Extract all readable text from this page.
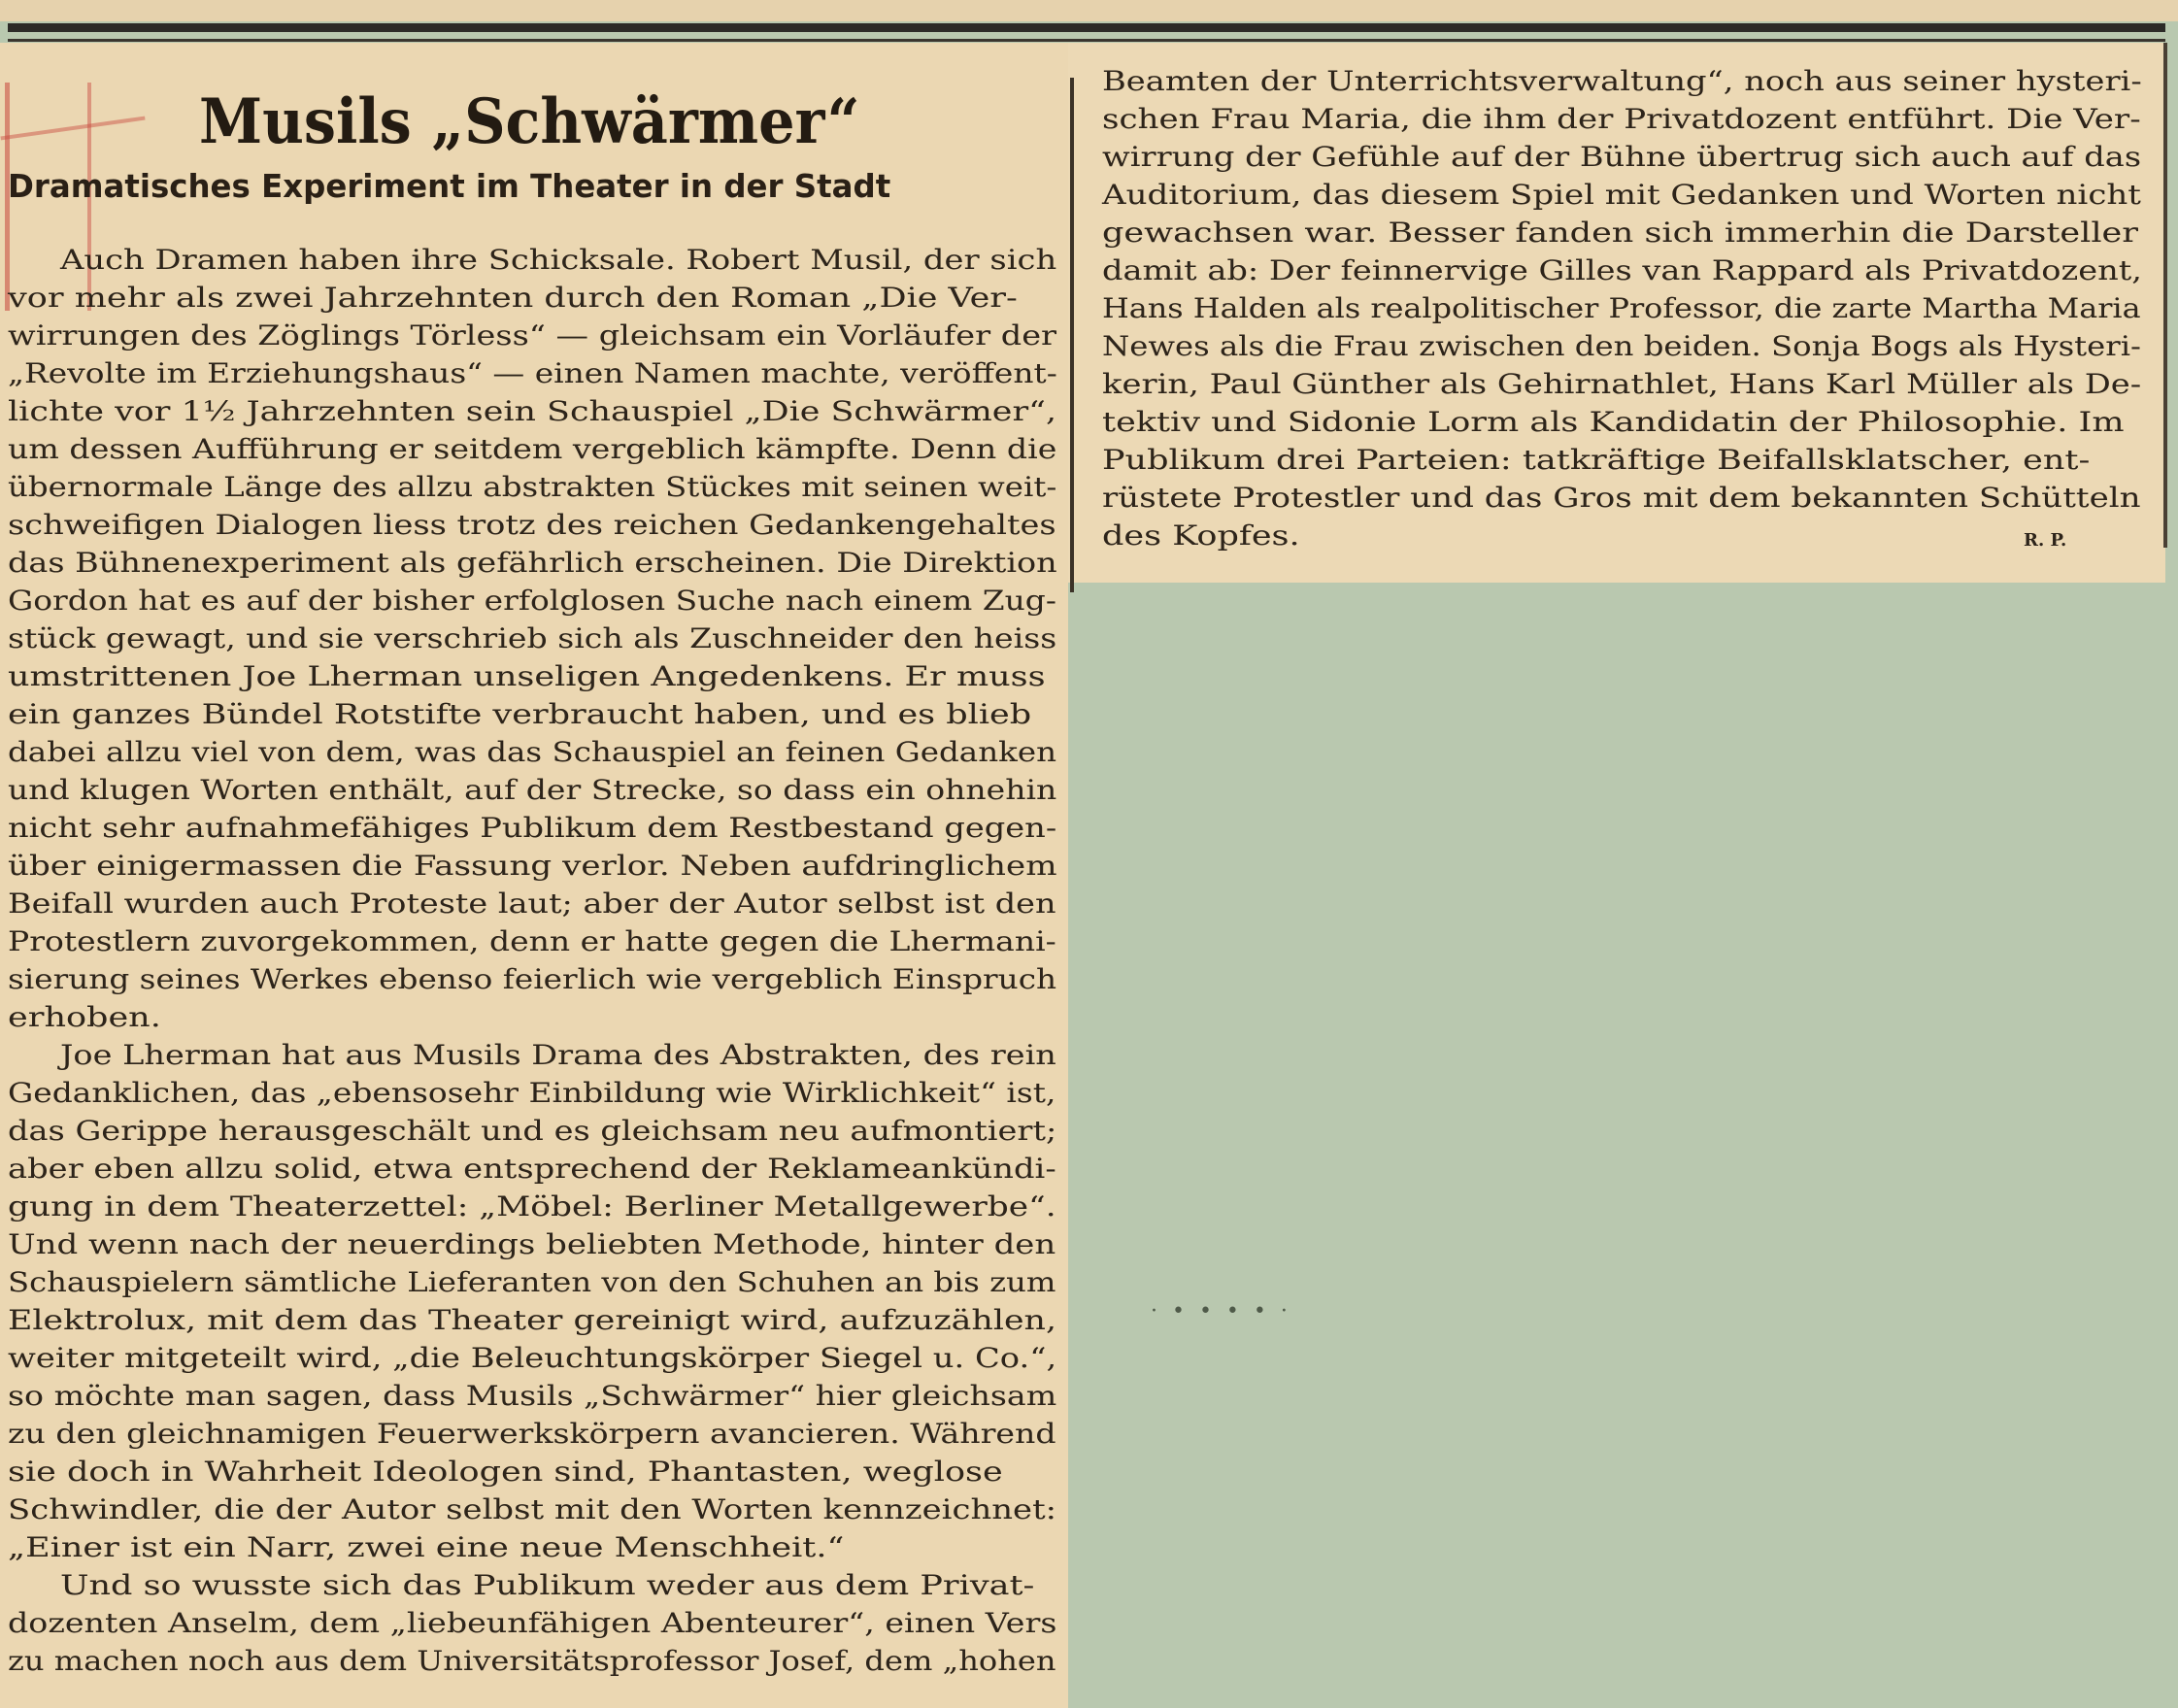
Musils „Schwärmer“
Dramatisches Experiment im Theater in der Stadt

Auch Dramen haben ihre Schicksale. Robert Musil, der sich

vor mehr als zwei Jahrzehnten durch den Roman „Die Ver-

wirrungen des Zöglings Törless“ — gleichsam ein Vorläufer der

„Revolte im Erziehungshaus“ — einen Namen machte, veröffent-

lichte vor 1½ Jahrzehnten sein Schauspiel „Die Schwärmer“,

um dessen Aufführung er seitdem vergeblich kämpfte. Denn die

übernormale Länge des allzu abstrakten Stückes mit seinen weit-

schweifigen Dialogen liess trotz des reichen Gedankengehaltes

das Bühnenexperiment als gefährlich erscheinen. Die Direktion

Gordon hat es auf der bisher erfolglosen Suche nach einem Zug-

stück gewagt, und sie verschrieb sich als Zuschneider den heiss

umstrittenen Joe Lherman unseligen Angedenkens. Er muss

ein ganzes Bündel Rotstifte verbraucht haben, und es blieb

dabei allzu viel von dem, was das Schauspiel an feinen Gedanken

und klugen Worten enthält, auf der Strecke, so dass ein ohnehin

nicht sehr aufnahmefähiges Publikum dem Restbestand gegen-

über einigermassen die Fassung verlor. Neben aufdringlichem

Beifall wurden auch Proteste laut; aber der Autor selbst ist den

Protestlern zuvorgekommen, denn er hatte gegen die Lhermani-

sierung seines Werkes ebenso feierlich wie vergeblich Einspruch

erhoben.

Joe Lherman hat aus Musils Drama des Abstrakten, des rein

Gedanklichen, das „ebensosehr Einbildung wie Wirklichkeit“ ist,

das Gerippe herausgeschält und es gleichsam neu aufmontiert;

aber eben allzu solid, etwa entsprechend der Reklameankündi-

gung in dem Theaterzettel: „Möbel: Berliner Metallgewerbe“.

Und wenn nach der neuerdings beliebten Methode, hinter den

Schauspielern sämtliche Lieferanten von den Schuhen an bis zum

Elektrolux, mit dem das Theater gereinigt wird, aufzuzählen,

weiter mitgeteilt wird, „die Beleuchtungskörper Siegel u. Co.“,

so möchte man sagen, dass Musils „Schwärmer“ hier gleichsam

zu den gleichnamigen Feuerwerkskörpern avancieren. Während

sie doch in Wahrheit Ideologen sind, Phantasten, weglose

Schwindler, die der Autor selbst mit den Worten kennzeichnet:

„Einer ist ein Narr, zwei eine neue Menschheit.“

Und so wusste sich das Publikum weder aus dem Privat-

dozenten Anselm, dem „liebeunfähigen Abenteurer“, einen Vers

zu machen noch aus dem Universitätsprofessor Josef, dem „hohen

Beamten der Unterrichtsverwaltung“, noch aus seiner hysteri-

schen Frau Maria, die ihm der Privatdozent entführt. Die Ver-

wirrung der Gefühle auf der Bühne übertrug sich auch auf das

Auditorium, das diesem Spiel mit Gedanken und Worten nicht

gewachsen war. Besser fanden sich immerhin die Darsteller

damit ab: Der feinnervige Gilles van Rappard als Privatdozent,

Hans Halden als realpolitischer Professor, die zarte Martha Maria

Newes als die Frau zwischen den beiden. Sonja Bogs als Hysteri-

kerin, Paul Günther als Gehirnathlet, Hans Karl Müller als De-

tektiv und Sidonie Lorm als Kandidatin der Philosophie. Im

Publikum drei Parteien: tatkräftige Beifallsklatscher, ent-

rüstete Protestler und das Gros mit dem bekannten Schütteln

des Kopfes.	R. P.

· • • • • ·
